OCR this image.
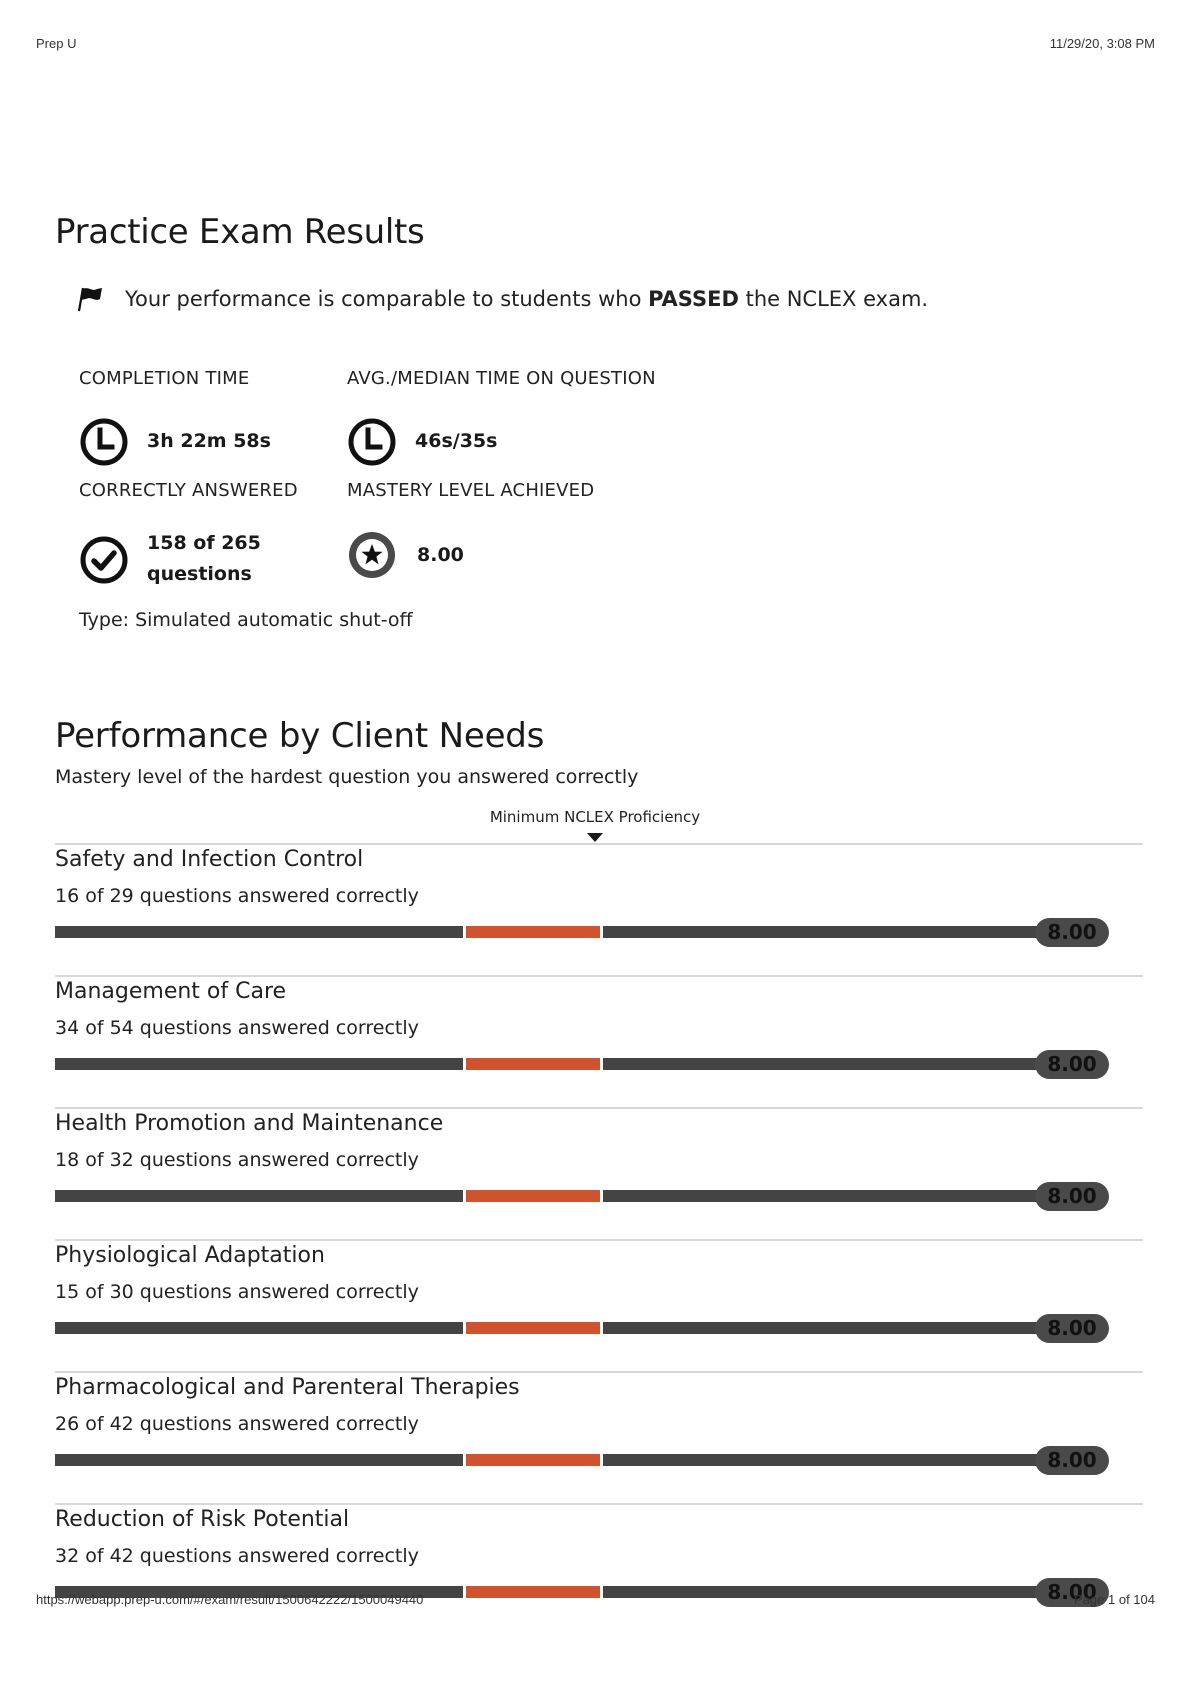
Prep U	11/29/20, 3:08 PM
Practice Exam Results
Your performance is comparable to students who PASSED the NCLEX exam.
COMPLETION TIME
3h 22m 58s
AVG./MEDIAN TIME ON QUESTION
46s/35s
CORRECTLY ANSWERED
158 of 265
questions
MASTERY LEVEL ACHIEVED
8.00
Type: Simulated automatic shut-off
Performance by Client Needs
Mastery level of the hardest question you answered correctly
Minimum NCLEX Proficiency
Safety and Infection Control
16 of 29 questions answered correctly
8.00
Management of Care
34 of 54 questions answered correctly
8.00
Health Promotion and Maintenance
18 of 32 questions answered correctly
8.00
Physiological Adaptation
15 of 30 questions answered correctly
8.00
Pharmacological and Parenteral Therapies
26 of 42 questions answered correctly
8.00
Reduction of Risk Potential
32 of 42 questions answered correctly
8.00
https://webapp.prep-u.com/#/exam/result/1500642222/1500049440	Page 1 of 104
